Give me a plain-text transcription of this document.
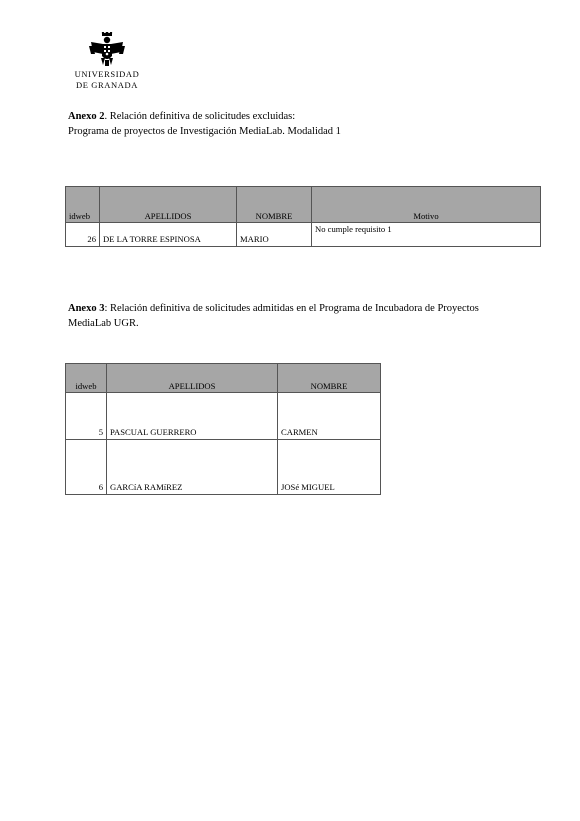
UNIVERSIDAD
DE GRANADA
Anexo 2. Relación definitiva de solicitudes excluidas:
Programa de proyectos de Investigación MediaLab. Modalidad 1
idweb	APELLIDOS	NOMBRE	Motivo
26	DE LA TORRE ESPINOSA	MARIO	No cumple requisito 1
Anexo 3: Relación definitiva de solicitudes admitidas en el Programa de Incubadora de Proyectos
MediaLab UGR.
idweb	APELLIDOS	NOMBRE
5	PASCUAL GUERRERO	CARMEN
6	GARCíA RAMíREZ	JOSé MIGUEL
